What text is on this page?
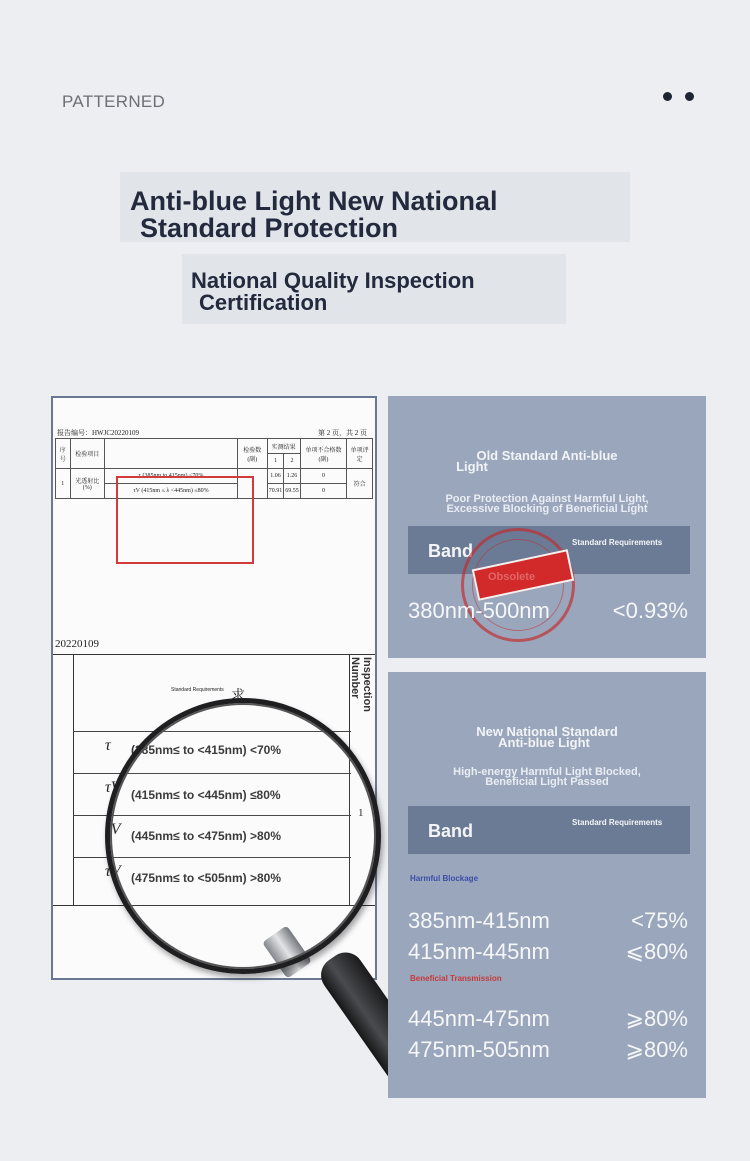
PATTERNED
Anti-blue Light New National
Standard Protection
National Quality Inspection
Certification
报告编号：HWJC20220109	第 2 页，共 2 页
序号	检验项目		检验数(副)	实测结果		单项不合格数(副)	单项评定
				1	2		
1	光透射比(%)	τ (385nm to 415nm) <70%	1	1.06	1.26	0	符合
		τV (415nm ≤ λ <445nm) ≤80%		70.91	69.55	0	
20220109
Inspection Number
Standard Requirements 求
τ (385nm≤ to <415nm) <70%
τV (415nm≤ to <445nm) ≤80%
τV (445nm≤ to <475nm) >80%
τV (475nm≤ to <505nm) >80%
1
Old Standard Anti-blue
Light
Poor Protection Against Harmful Light,
Excessive Blocking of Beneficial Light
Band	Standard Requirements
Obsolete
380nm-500nm	<0.93%
New National Standard
Anti-blue Light
High-energy Harmful Light Blocked,
Beneficial Light Passed
Band	Standard Requirements
Harmful Blockage
385nm-415nm	<75%
415nm-445nm	⩽80%
Beneficial Transmission
445nm-475nm	⩾80%
475nm-505nm	⩾80%
